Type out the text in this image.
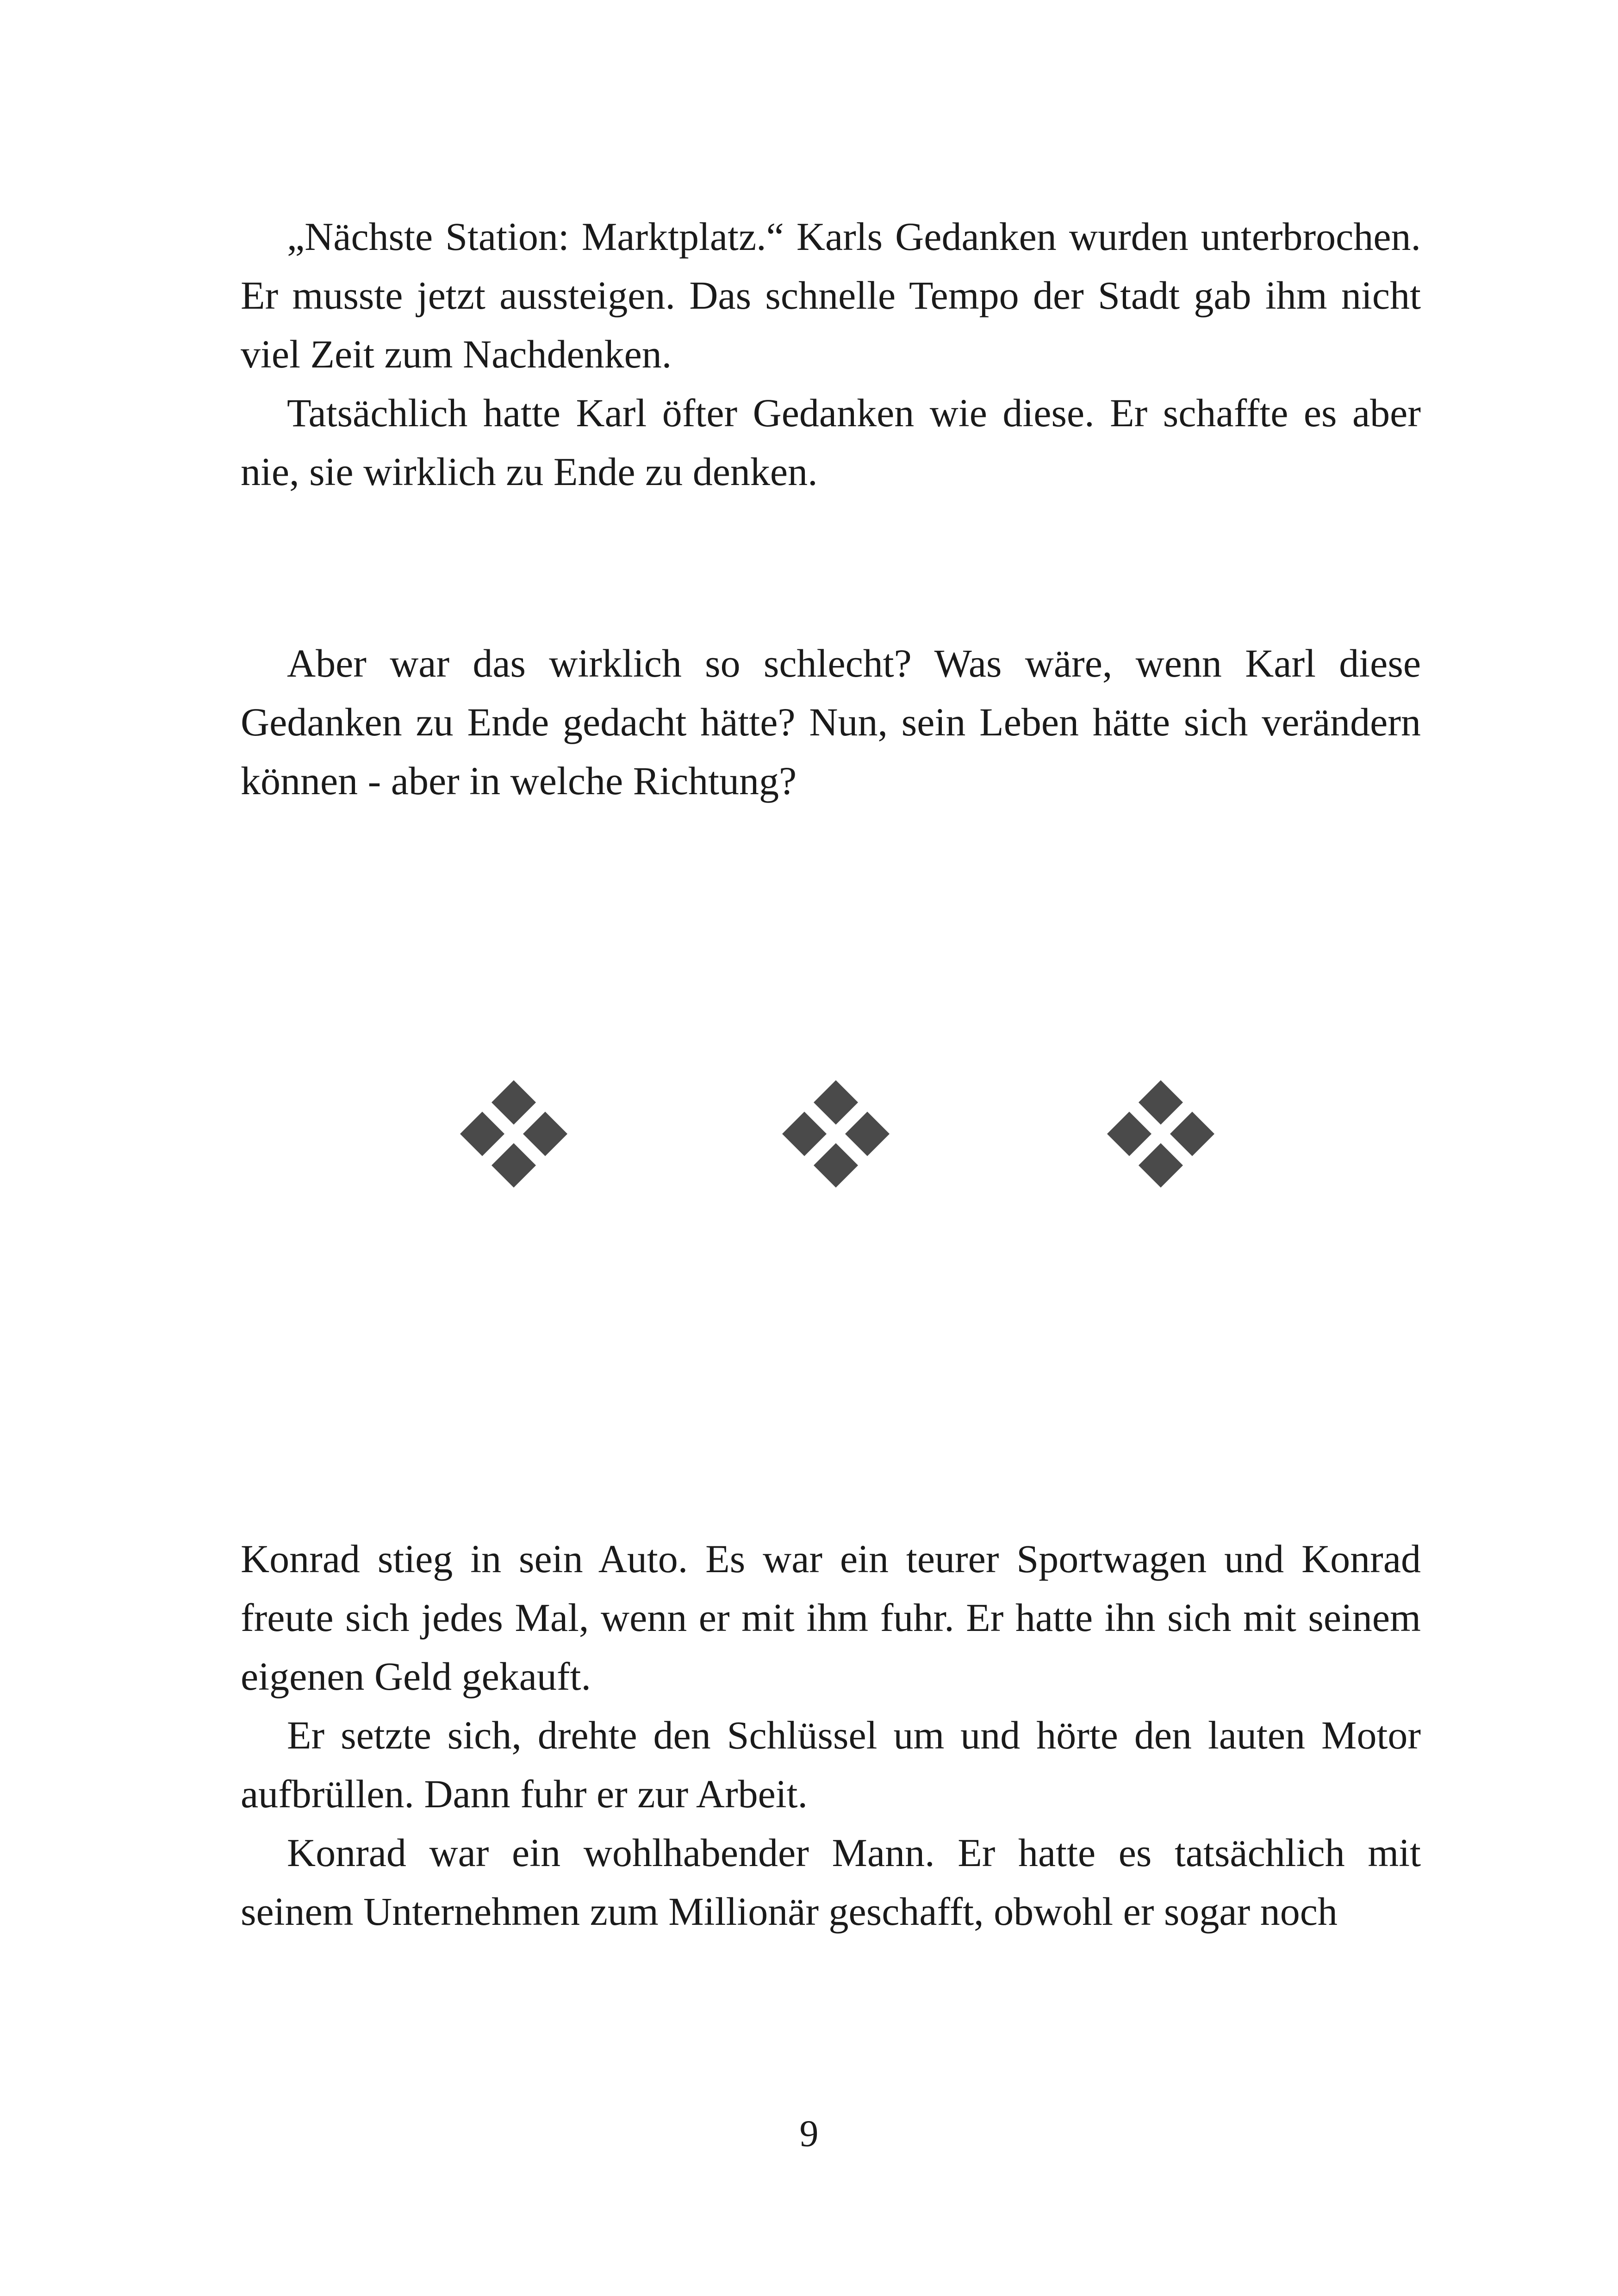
„Nächste Station: Marktplatz.“ Karls Gedanken wurden unterbrochen. Er musste jetzt aussteigen. Das schnelle Tempo der Stadt gab ihm nicht viel Zeit zum Nachdenken.

Tatsächlich hatte Karl öfter Gedanken wie diese. Er schaffte es aber nie, sie wirklich zu Ende zu denken.

Aber war das wirklich so schlecht? Was wäre, wenn Karl diese Gedanken zu Ende gedacht hätte? Nun, sein Leben hätte sich verändern können - aber in welche Richtung?

Konrad stieg in sein Auto. Es war ein teurer Sportwagen und Konrad freute sich jedes Mal, wenn er mit ihm fuhr. Er hatte ihn sich mit seinem eigenen Geld gekauft.

Er setzte sich, drehte den Schlüssel um und hörte den lauten Motor aufbrüllen. Dann fuhr er zur Arbeit.

Konrad war ein wohlhabender Mann. Er hatte es tatsächlich mit seinem Unternehmen zum Millionär geschafft, obwohl er sogar noch

9
